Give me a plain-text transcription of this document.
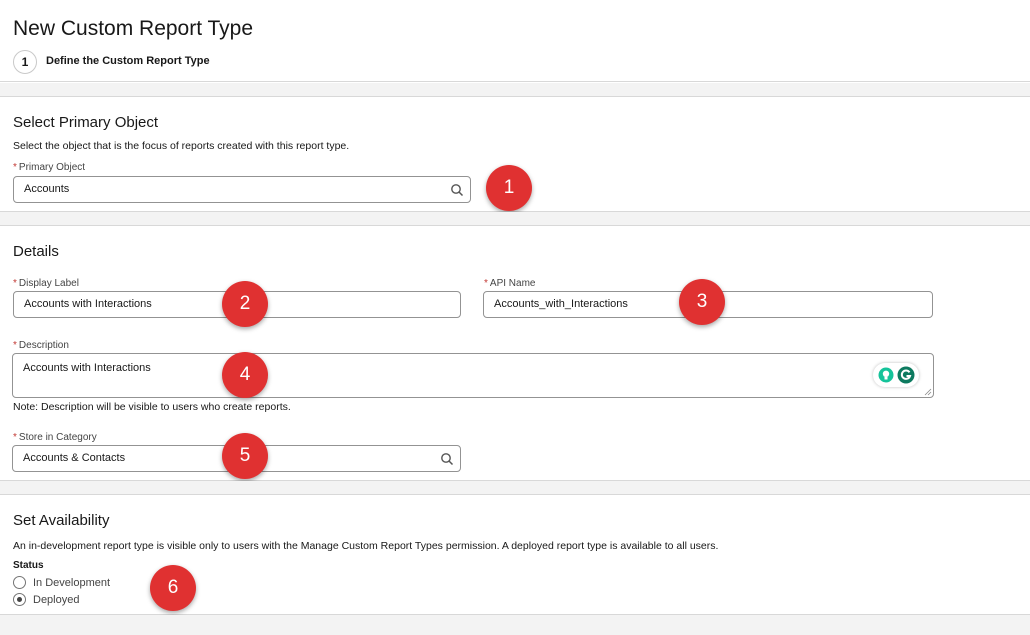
New Custom Report Type
1	Define the Custom Report Type
Select Primary Object
Select the object that is the focus of reports created with this report type.
* Primary Object
Accounts	1
Details
* Display Label
Accounts with Interactions	2
* API Name
Accounts_with_Interactions	3
* Description
Accounts with Interactions	4
Note: Description will be visible to users who create reports.
* Store in Category
Accounts & Contacts	5
Set Availability
An in-development report type is visible only to users with the Manage Custom Report Types permission. A deployed report type is available to all users.
Status
In Development
Deployed
6
